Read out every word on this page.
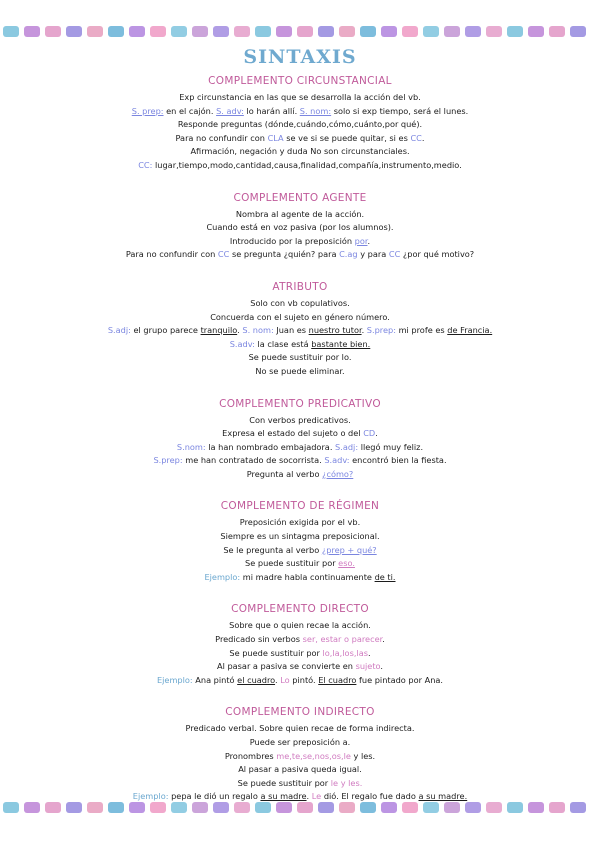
SINTAXIS
COMPLEMENTO CIRCUNSTANCIAL
Exp circunstancia en las que se desarrolla la acción del vb.
S. prep: en el cajón. S. adv: lo harán allí. S. nom: solo si exp tiempo, será el lunes.
Responde preguntas (dónde,cuándo,cómo,cuánto,por qué).
Para no confundir con CLA se ve si se puede quitar, si es CC.
Afirmación, negación y duda No son circunstanciales.
CC: lugar,tiempo,modo,cantidad,causa,finalidad,compañía,instrumento,medio.
COMPLEMENTO AGENTE
Nombra al agente de la acción.
Cuando está en voz pasiva (por los alumnos).
Introducido por la preposición por.
Para no confundir con CC se pregunta ¿quién? para C.ag y para CC ¿por qué motivo?
ATRIBUTO
Solo con vb copulativos.
Concuerda con el sujeto en género número.
S.adj: el grupo parece tranquilo. S. nom: Juan es nuestro tutor. S.prep: mi profe es de Francia.
S.adv: la clase está bastante bien.
Se puede sustituir por lo.
No se puede eliminar.
COMPLEMENTO PREDICATIVO
Con verbos predicativos.
Expresa el estado del sujeto o del CD.
S.nom: la han nombrado embajadora. S.adj: llegó muy feliz.
S.prep: me han contratado de socorrista. S.adv: encontró bien la fiesta.
Pregunta al verbo ¿cómo?
COMPLEMENTO DE RÉGIMEN
Preposición exigida por el vb.
Siempre es un sintagma preposicional.
Se le pregunta al verbo ¿prep + qué?
Se puede sustituir por eso.
Ejemplo: mi madre habla continuamente de ti.
COMPLEMENTO DIRECTO
Sobre que o quien recae la acción.
Predicado sin verbos ser, estar o parecer.
Se puede sustituir por lo,la,los,las.
Al pasar a pasiva se convierte en sujeto.
Ejemplo: Ana pintó el cuadro. Lo pintó. El cuadro fue pintado por Ana.
COMPLEMENTO INDIRECTO
Predicado verbal. Sobre quien recae de forma indirecta.
Puede ser preposición a.
Pronombres me,te,se,nos,os,le y les.
Al pasar a pasiva queda igual.
Se puede sustituir por le y les.
Ejemplo: pepa le dió un regalo a su madre. Le dió. El regalo fue dado a su madre.
